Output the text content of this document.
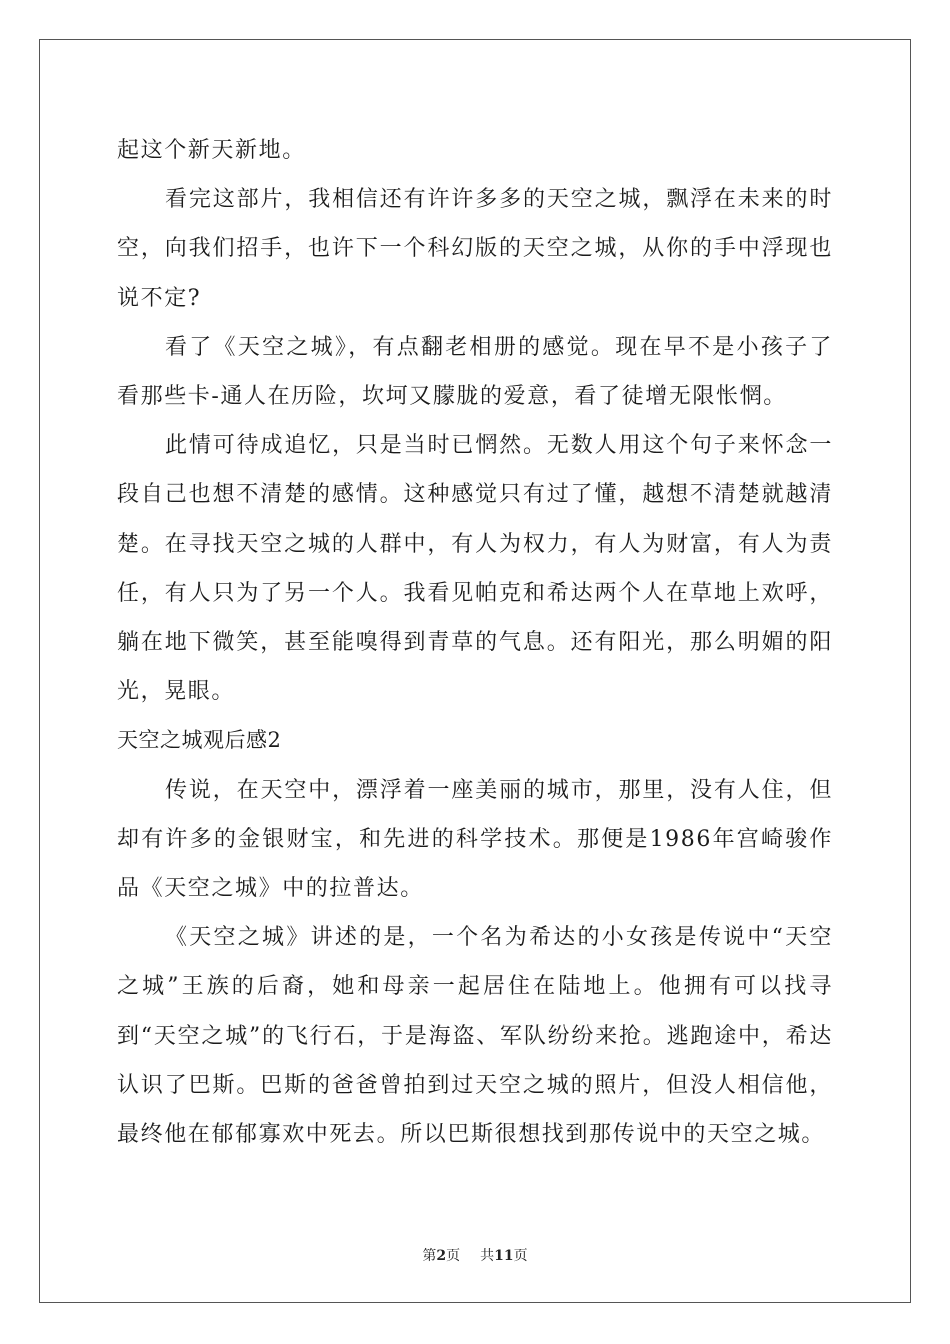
起这个新天新地。

看完这部片，我相信还有许许多多的天空之城，飘浮在未来的时空，向我们招手，也许下一个科幻版的天空之城，从你的手中浮现也说不定?

看了《天空之城》，有点翻老相册的感觉。现在早不是小孩子了看那些卡-通人在历险，坎坷又朦胧的爱意，看了徒增无限怅惘。

此情可待成追忆，只是当时已惘然。无数人用这个句子来怀念一段自己也想不清楚的感情。这种感觉只有过了懂，越想不清楚就越清楚。在寻找天空之城的人群中，有人为权力，有人为财富，有人为责任，有人只为了另一个人。我看见帕克和希达两个人在草地上欢呼，躺在地下微笑，甚至能嗅得到青草的气息。还有阳光，那么明媚的阳光，晃眼。

天空之城观后感2

传说，在天空中，漂浮着一座美丽的城市，那里，没有人住，但却有许多的金银财宝，和先进的科学技术。那便是1986年宫崎骏作品《天空之城》中的拉普达。

《天空之城》讲述的是，一个名为希达的小女孩是传说中“天空之城”王族的后裔，她和母亲一起居住在陆地上。他拥有可以找寻到“天空之城”的飞行石，于是海盗、军队纷纷来抢。逃跑途中，希达认识了巴斯。巴斯的爸爸曾拍到过天空之城的照片，但没人相信他，最终他在郁郁寡欢中死去。所以巴斯很想找到那传说中的天空之城。

第2页 共11页
